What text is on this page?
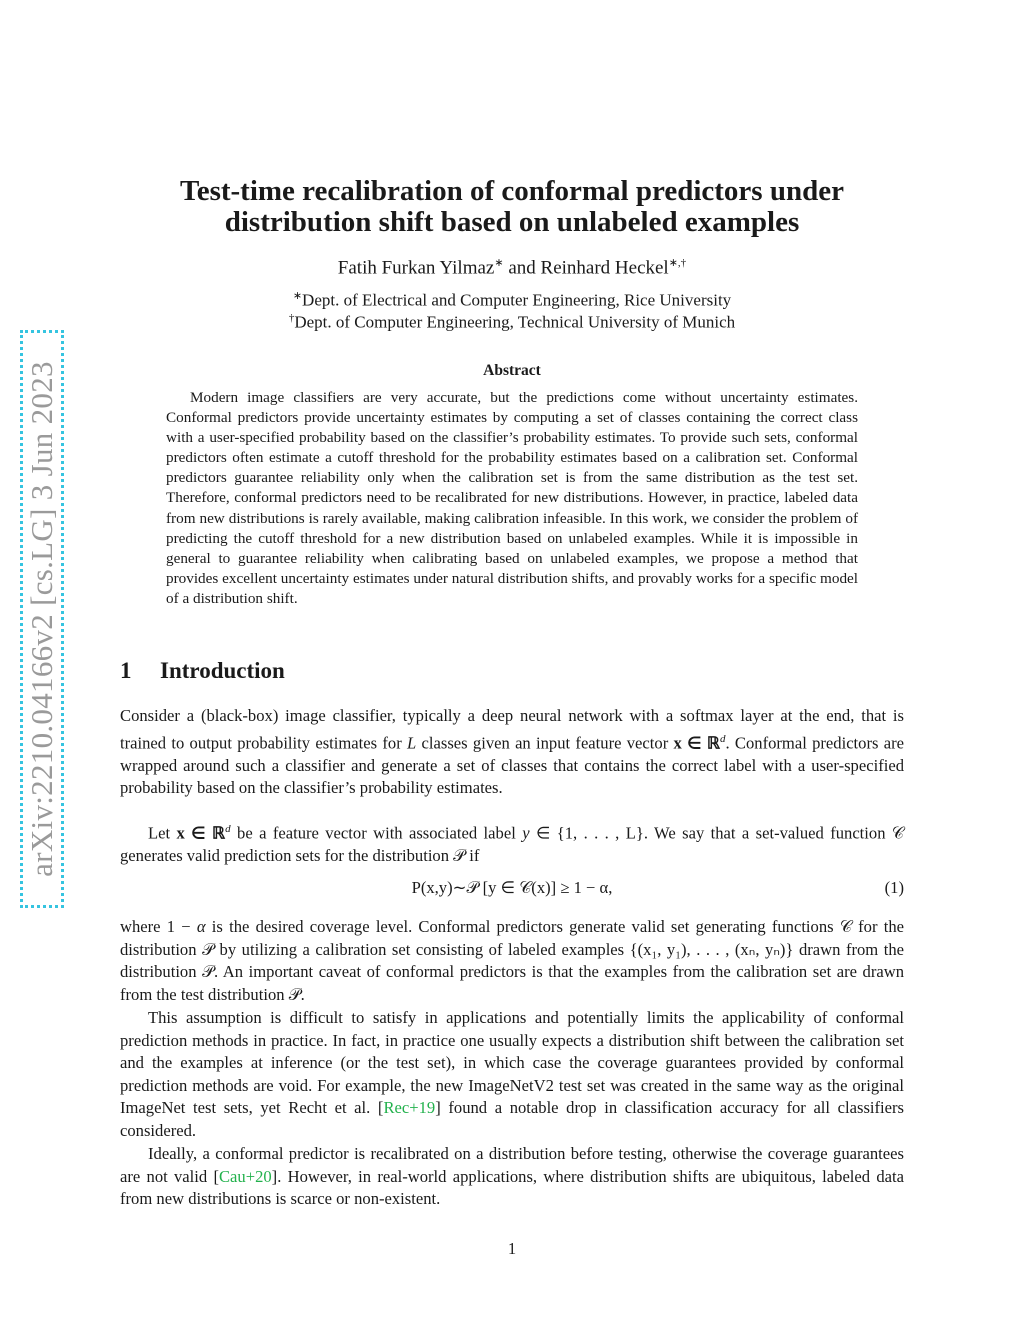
arXiv:2210.04166v2 [cs.LG] 3 Jun 2023
Test-time recalibration of conformal predictors under distribution shift based on unlabeled examples
Fatih Furkan Yilmaz∗ and Reinhard Heckel∗,†
∗Dept. of Electrical and Computer Engineering, Rice University
†Dept. of Computer Engineering, Technical University of Munich
Abstract

Modern image classifiers are very accurate, but the predictions come without uncertainty estimates. Conformal predictors provide uncertainty estimates by computing a set of classes containing the correct class with a user-specified probability based on the classifier’s probability estimates. To provide such sets, conformal predictors often estimate a cutoff threshold for the probability estimates based on a calibration set. Conformal predictors guarantee reliability only when the calibration set is from the same distribution as the test set. Therefore, conformal predictors need to be recalibrated for new distributions. However, in practice, labeled data from new distributions is rarely available, making calibration infeasible. In this work, we consider the problem of predicting the cutoff threshold for a new distribution based on unlabeled examples. While it is impossible in general to guarantee reliability when calibrating based on unlabeled examples, we propose a method that provides excellent uncertainty estimates under natural distribution shifts, and provably works for a specific model of a distribution shift.

1 Introduction

Consider a (black-box) image classifier, typically a deep neural network with a softmax layer at the end, that is trained to output probability estimates for L classes given an input feature vector x ∈ ℝ$^d$. Conformal predictors are wrapped around such a classifier and generate a set of classes that contains the correct label with a user-specified probability based on the classifier’s probability estimates.

Let x ∈ ℝ$^d$ be a feature vector with associated label y ∈ {1, . . . , L}. We say that a set-valued function 𝒞 generates valid prediction sets for the distribution 𝒫 if

P(x,y)∼𝒫 [y ∈ 𝒞(x)] ≥ 1 − α,	(1)

where 1 − α is the desired coverage level. Conformal predictors generate valid set generating functions 𝒞 for the distribution 𝒫 by utilizing a calibration set consisting of labeled examples {(x₁, y₁), . . . , (xₙ, yₙ)} drawn from the distribution 𝒫. An important caveat of conformal predictors is that the examples from the calibration set are drawn from the test distribution 𝒫.

This assumption is difficult to satisfy in applications and potentially limits the applicability of conformal prediction methods in practice. In fact, in practice one usually expects a distribution shift between the calibration set and the examples at inference (or the test set), in which case the coverage guarantees provided by conformal prediction methods are void. For example, the new ImageNetV2 test set was created in the same way as the original ImageNet test sets, yet Recht et al. [Rec+19] found a notable drop in classification accuracy for all classifiers considered.

Ideally, a conformal predictor is recalibrated on a distribution before testing, otherwise the coverage guarantees are not valid [Cau+20]. However, in real-world applications, where distribution shifts are ubiquitous, labeled data from new distributions is scarce or non-existent.

1
